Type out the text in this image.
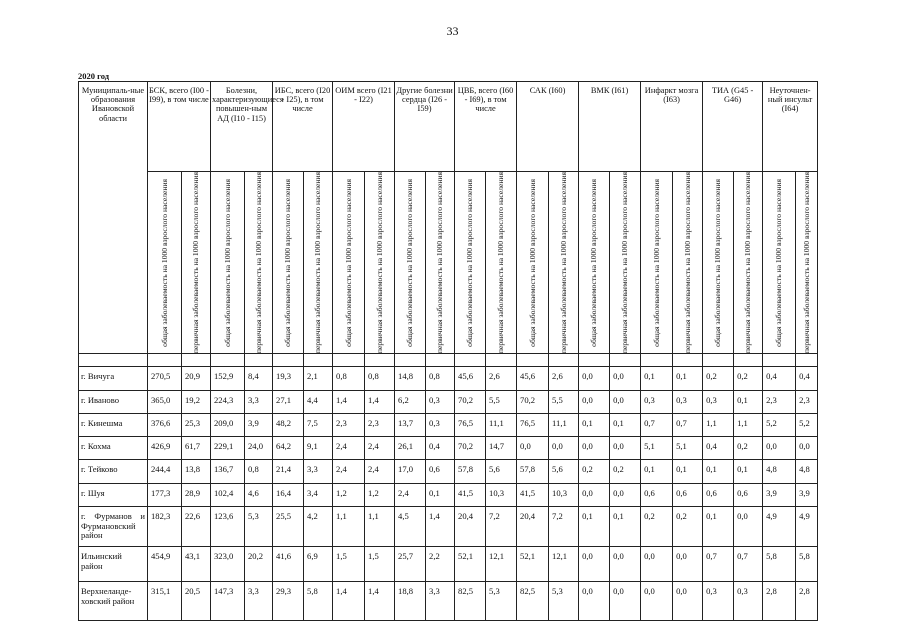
33
2020 год
Муниципаль-ные образования Ивановской области	БСК, всего (I00 - I99), в том числе		Болезни, характеризующиеся повышен-ным АД (I10 - I15)		ИБС, всего (I20 - I25), в том числе		ОИМ всего (I21 - I22)		Другие болезни сердца (I26 - I59)		ЦВБ, всего (I60 - I69), в том числе		САК (I60)		ВМК (I61)		Инфаркт мозга (I63)		ТИА (G45 - G46)		Неуточнен-ный инсульт (I64)	

	общая заболеваемость на 1000 взрослого населения	первичная заболеваемость на 1000 взрослого населения	общая заболеваемость на 1000 взрослого населения	первичная заболеваемость на 1000 взрослого населения	общая заболеваемость на 1000 взрослого населения	первичная заболеваемость на 1000 взрослого населения	общая заболеваемость на 1000 взрослого населения	первичная заболеваемость на 1000 взрослого населения	общая заболеваемость на 1000 взрослого населения	первичная заболеваемость на 1000 взрослого населения	общая заболеваемость на 1000 взрослого населения	первичная заболеваемость на 1000 взрослого населения	общая заболеваемость на 1000 взрослого населения	первичная заболеваемость на 1000 взрослого населения	общая заболеваемость на 1000 взрослого населения	первичная заболеваемость на 1000 взрослого населения	общая заболеваемость на 1000 взрослого населения	первичная заболеваемость на 1000 взрослого населения	общая заболеваемость на 1000 взрослого населения	первичная заболеваемость на 1000 взрослого населения	общая заболеваемость на 1000 взрослого населения	первичная заболеваемость на 1000 взрослого населения

г. Вичуга	270,5	20,9	152,9	8,4	19,3	2,1	0,8	0,8	14,8	0,8	45,6	2,6	45,6	2,6	0,0	0,0	0,1	0,1	0,2	0,2	0,4	0,4
г. Иваново	365,0	19,2	224,3	3,3	27,1	4,4	1,4	1,4	6,2	0,3	70,2	5,5	70,2	5,5	0,0	0,0	0,3	0,3	0,3	0,1	2,3	2,3
г. Кинешма	376,6	25,3	209,0	3,9	48,2	7,5	2,3	2,3	13,7	0,3	76,5	11,1	76,5	11,1	0,1	0,1	0,7	0,7	1,1	1,1	5,2	5,2
г. Кохма	426,9	61,7	229,1	24,0	64,2	9,1	2,4	2,4	26,1	0,4	70,2	14,7	0,0	0,0	0,0	0,0	5,1	5,1	0,4	0,2	0,0	0,0
г. Тейково	244,4	13,8	136,7	0,8	21,4	3,3	2,4	2,4	17,0	0,6	57,8	5,6	57,8	5,6	0,2	0,2	0,1	0,1	0,1	0,1	4,8	4,8
г. Шуя	177,3	28,9	102,4	4,6	16,4	3,4	1,2	1,2	2,4	0,1	41,5	10,3	41,5	10,3	0,0	0,0	0,6	0,6	0,6	0,6	3,9	3,9
г. Фурманов и Фурмановский район	182,3	22,6	123,6	5,3	25,5	4,2	1,1	1,1	4,5	1,4	20,4	7,2	20,4	7,2	0,1	0,1	0,2	0,2	0,1	0,0	4,9	4,9
Ильинский район	454,9	43,1	323,0	20,2	41,6	6,9	1,5	1,5	25,7	2,2	52,1	12,1	52,1	12,1	0,0	0,0	0,0	0,0	0,7	0,7	5,8	5,8
Верхнеланде-ховский район	315,1	20,5	147,3	3,3	29,3	5,8	1,4	1,4	18,8	3,3	82,5	5,3	82,5	5,3	0,0	0,0	0,0	0,0	0,3	0,3	2,8	2,8
